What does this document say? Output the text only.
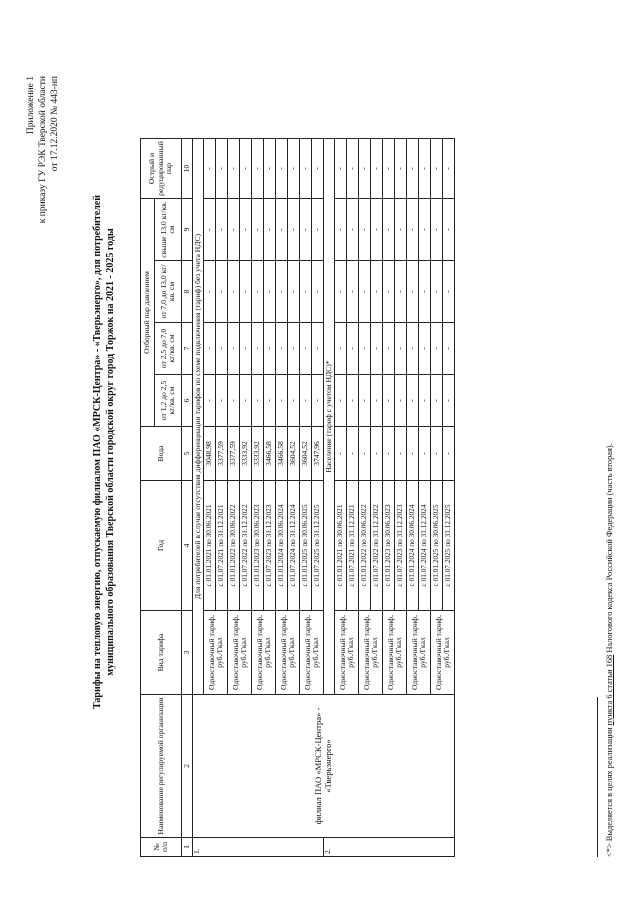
Приложение 1 к приказу ГУ РЭК Тверской области от 17.12.2020 № 443-нп
Тарифы на тепловую энергию, отпускаемую филиалом ПАО «МРСК-Центра» - «Тверьэнерго», для потребителей муниципального образования Тверской области городской округ город Торжок на 2021 - 2025 годы
№ п/п	Наименование регулируемой организации	Вид тарифа	Год	Вода	Отборный пар давлением				Острый и редуцированный пар
					от 1,2 до 2,5 кг/кв. см	от 2,5 до 7,0 кг/кв. см	от 7,0 до 13,0 кг/кв. см	свыше 13,0 кг/кв. см	
1	2	3	4	5	6	7	8	9	10
1.	филиал ПАО «МРСК-Центра» - «Тверьэнерго»	Для потребителей в случае отсутствия дифференциации тарифов по схеме подключения (тариф) без учета НДС)							
		Одноставочный тариф, руб./Гкал	с 01.01.2021 по 30.06.2021	3048,98	-	-	-	-	-
			с 01.07.2021 по 31.12.2021	3377,59	-	-	-	-	-
		Одноставочный тариф, руб./Гкал	с 01.01.2022 по 30.06.2022	3377,59	-	-	-	-	-
			с 01.07.2022 по 31.12.2022	3333,92	-	-	-	-	-
		Одноставочный тариф, руб./Гкал	с 01.01.2023 по 30.06.2023	3333,92	-	-	-	-	-
			с 01.07.2023 по 31.12.2023	3466,58	-	-	-	-	-
		Одноставочный тариф, руб./Гкал	с 01.01.2024 по 30.06.2024	3466,58	-	-	-	-	-
			с 01.07.2024 по 31.12.2024	3604,52	-	-	-	-	-
		Одноставочный тариф, руб./Гкал	с 01.01.2025 по 30.06.2025	3604,52	-	-	-	-	-
			с 01.07.2025 по 31.12.2025	3747,96	-	-	-	-	-
2.		Население (тариф с учетом НДС)*							
		Одноставочный тариф, руб./Гкал	с 01.01.2021 по 30.06.2021	-	-	-	-	-	-
			с 01.07.2021 по 31.12.2021	-	-	-	-	-	-
		Одноставочный тариф, руб./Гкал	с 01.01.2022 по 30.06.2022	-	-	-	-	-	-
			с 01.07.2022 по 31.12.2022	-	-	-	-	-	-
		Одноставочный тариф, руб./Гкал	с 01.01.2023 по 30.06.2023	-	-	-	-	-	-
			с 01.07.2023 по 31.12.2023	-	-	-	-	-	-
		Одноставочный тариф, руб./Гкал	с 01.01.2024 по 30.06.2024	-	-	-	-	-	-
			с 01.07.2024 по 31.12.2024	-	-	-	-	-	-
		Одноставочный тариф, руб./Гкал	с 01.01.2025 по 30.06.2025	-	-	-	-	-	-
			с 01.07.2025 по 31.12.2025	-	-	-	-	-	-
<*> Выделяется в целях реализации пункта 6 статьи 168 Налогового кодекса Российской Федерации (часть вторая).
